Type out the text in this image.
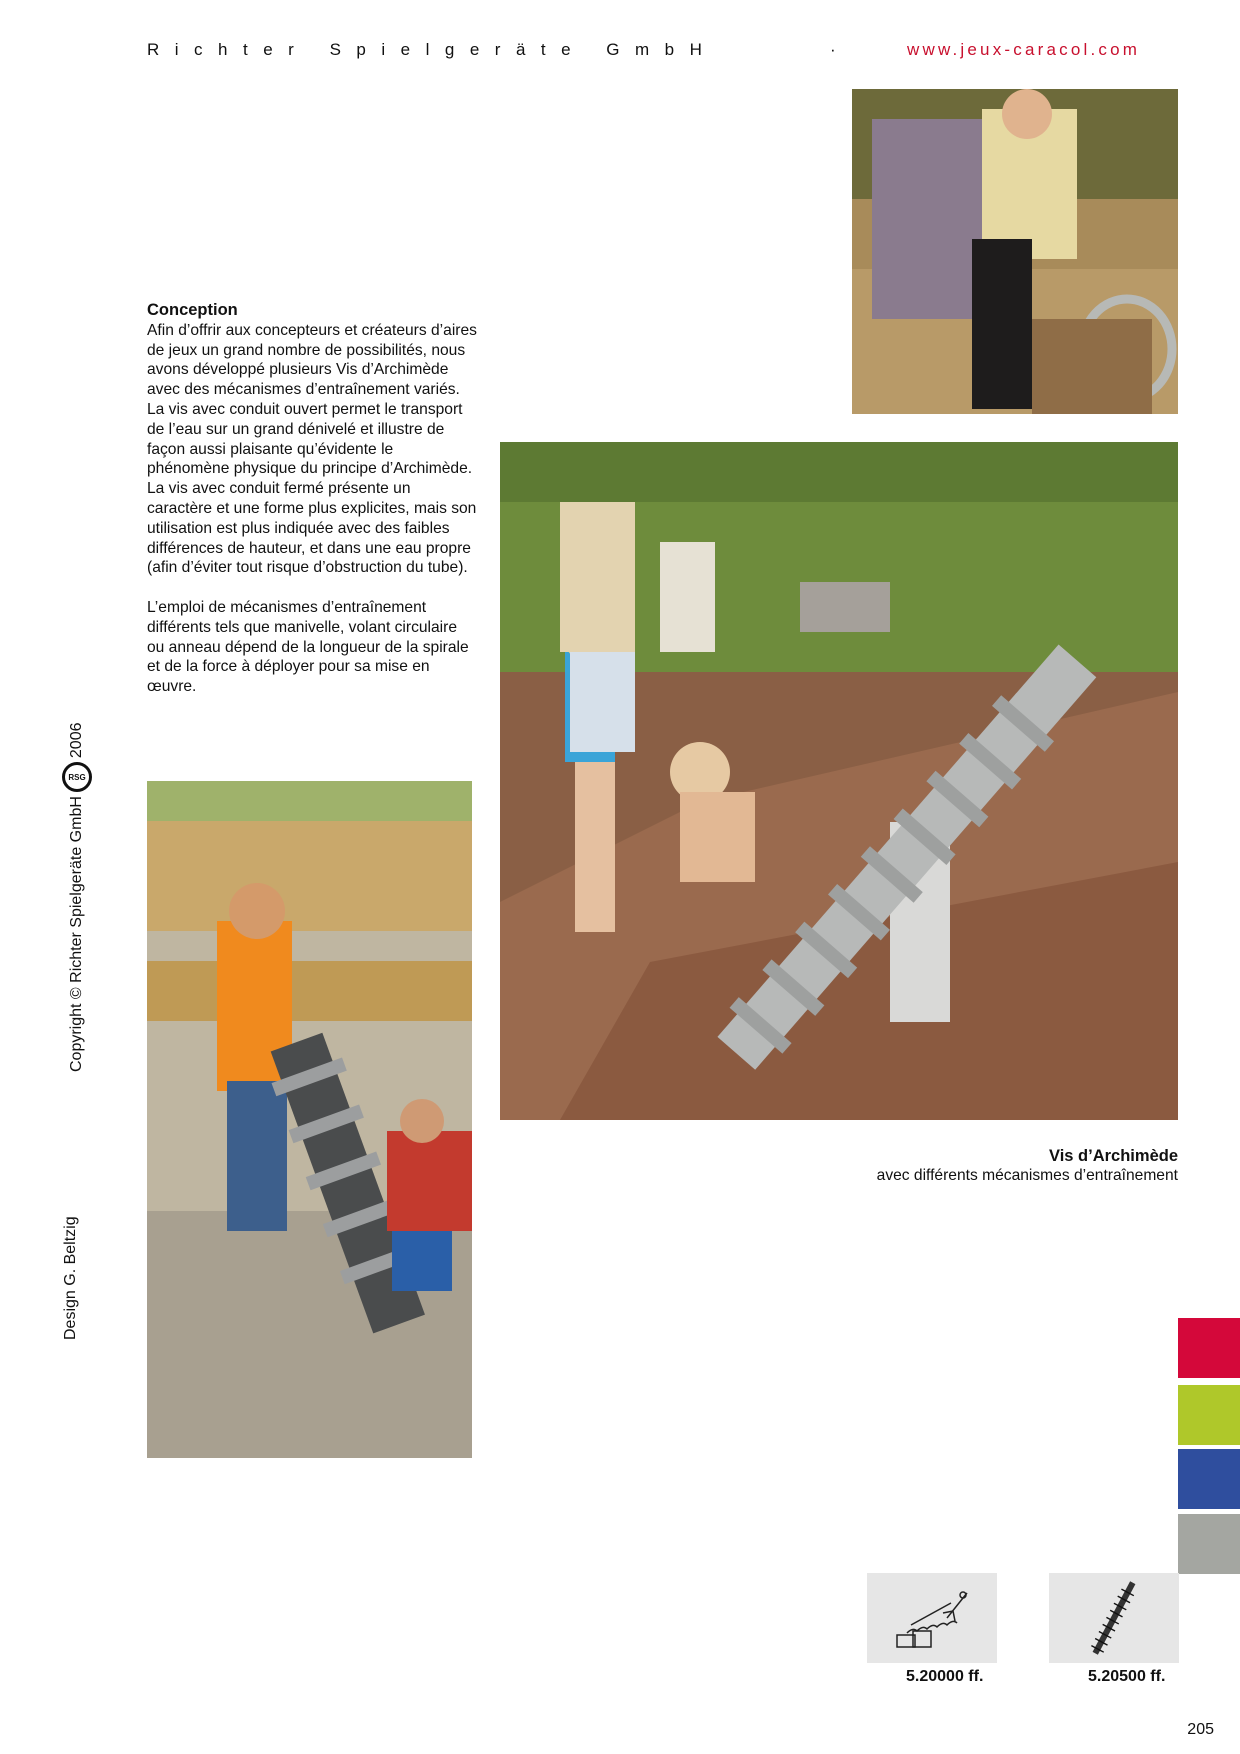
Richter Spielgeräte GmbH	·	www.jeux-caracol.com
Copyright © Richter Spielgeräte GmbH
RSG
2006
Design G. Beltzig
Conception

Afin d’offrir aux concepteurs et créateurs d’aires de jeux un grand nombre de possibilités, nous avons développé plusieurs Vis d’Archimède avec des mécanismes d’entraînement variés. La vis avec conduit ouvert permet le transport de l’eau sur un grand dénivelé et illustre de façon aussi plaisante qu’évidente le phénomène physique du principe d’Archimède. La vis avec conduit fermé présente un caractère et une forme plus explicites, mais son utilisation est plus indiquée avec des faibles différences de hauteur, et dans une eau propre (afin d’éviter tout risque d’obstruction du tube).

L’emploi de mécanismes d’entraînement différents tels que manivelle, volant circulaire ou anneau dépend de la longueur de la spirale et de la force à déployer pour sa mise en œuvre.

Vis d’Archimède
avec différents mécanismes d’entraînement
5.20000 ff.	5.20500 ff.
205
